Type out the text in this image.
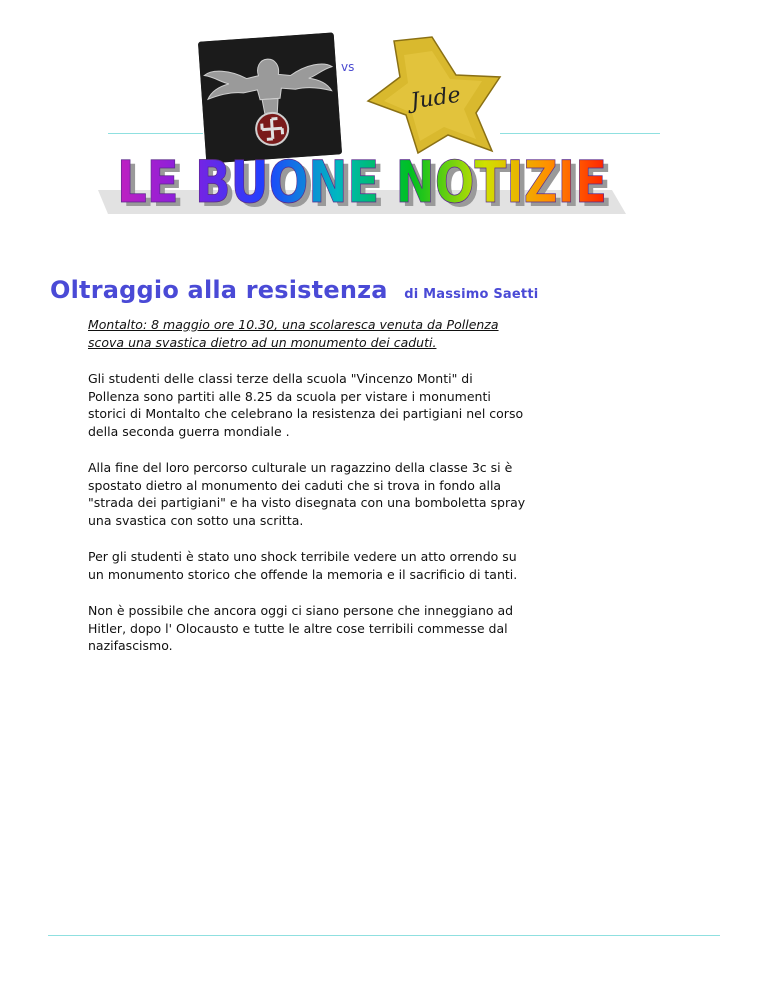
vs
Jude
LE BUONE NOTIZIE
LE BUONE NOTIZIE
Oltraggio alla resistenza di Massimo Saetti

Montalto: 8 maggio ore 10.30, una scolaresca venuta da Pollenza scova una svastica dietro ad un monumento dei caduti.

Gli studenti delle classi terze della scuola "Vincenzo Monti" di Pollenza sono partiti alle 8.25 da scuola per vistare i monumenti storici di Montalto che celebrano la resistenza dei partigiani nel corso della seconda guerra mondiale .

Alla fine del loro percorso culturale un ragazzino della classe 3c si è spostato dietro al monumento dei caduti che si trova in fondo alla "strada dei partigiani" e ha visto disegnata con una bomboletta spray una svastica con sotto una scritta.

Per gli studenti è stato uno shock terribile vedere un atto orrendo su un monumento storico che offende la memoria e il sacrificio di tanti.

Non è possibile che ancora oggi ci siano persone che inneggiano ad Hitler, dopo l' Olocausto e tutte le altre cose terribili commesse dal nazifascismo.
